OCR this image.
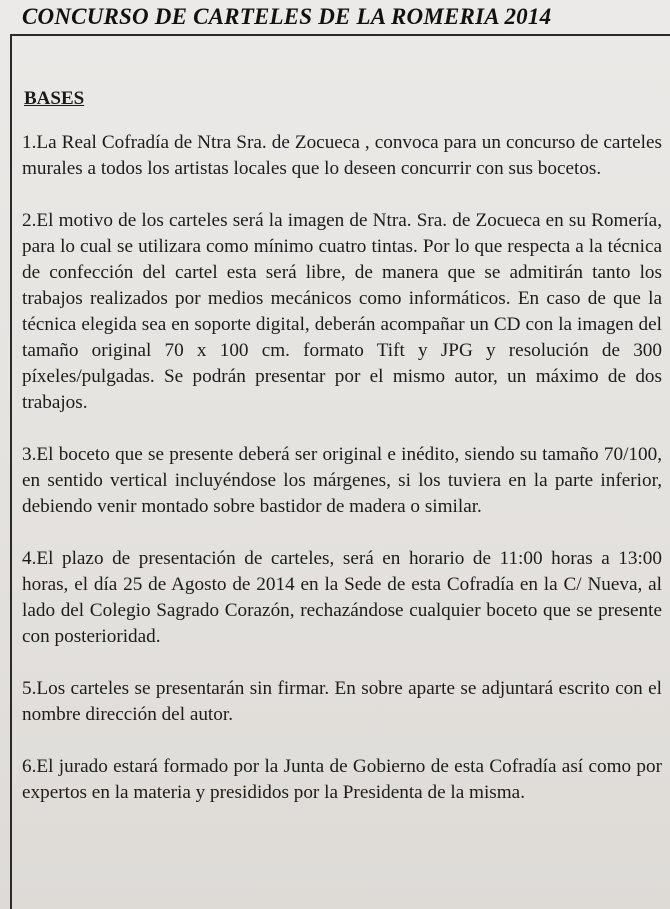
CONCURSO DE CARTELES DE LA ROMERIA 2014
BASES

1.La Real Cofradía de Ntra Sra. de Zocueca , convoca para un concurso de carteles murales a todos los artistas locales que lo deseen concurrir con sus bocetos.

2.El motivo de los carteles será la imagen de Ntra. Sra. de Zocueca en su Romería, para lo cual se utilizara como mínimo cuatro tintas. Por lo que respecta a la técnica de confección del cartel esta será libre, de manera que se admitirán tanto los trabajos realizados por medios mecánicos como informáticos. En caso de que la técnica elegida sea en soporte digital, deberán acompañar un CD con la imagen del tamaño original 70 x 100 cm. formato Tift y JPG y resolución de 300 píxeles/pulgadas. Se podrán presentar por el mismo autor, un máximo de dos trabajos.

3.El boceto que se presente deberá ser original e inédito, siendo su tamaño 70/100, en sentido vertical incluyéndose los márgenes, si los tuviera en la parte inferior, debiendo venir montado sobre bastidor de madera o similar.

4.El plazo de presentación de carteles, será en horario de 11:00 horas a 13:00 horas, el día 25 de Agosto de 2014 en la Sede de esta Cofradía en la C/ Nueva, al lado del Colegio Sagrado Corazón, rechazándose cualquier boceto que se presente con posterioridad.

5.Los carteles se presentarán sin firmar. En sobre aparte se adjuntará escrito con el nombre dirección del autor.

6.El jurado estará formado por la Junta de Gobierno de esta Cofradía así como por expertos en la materia y presididos por la Presidenta de la misma.
